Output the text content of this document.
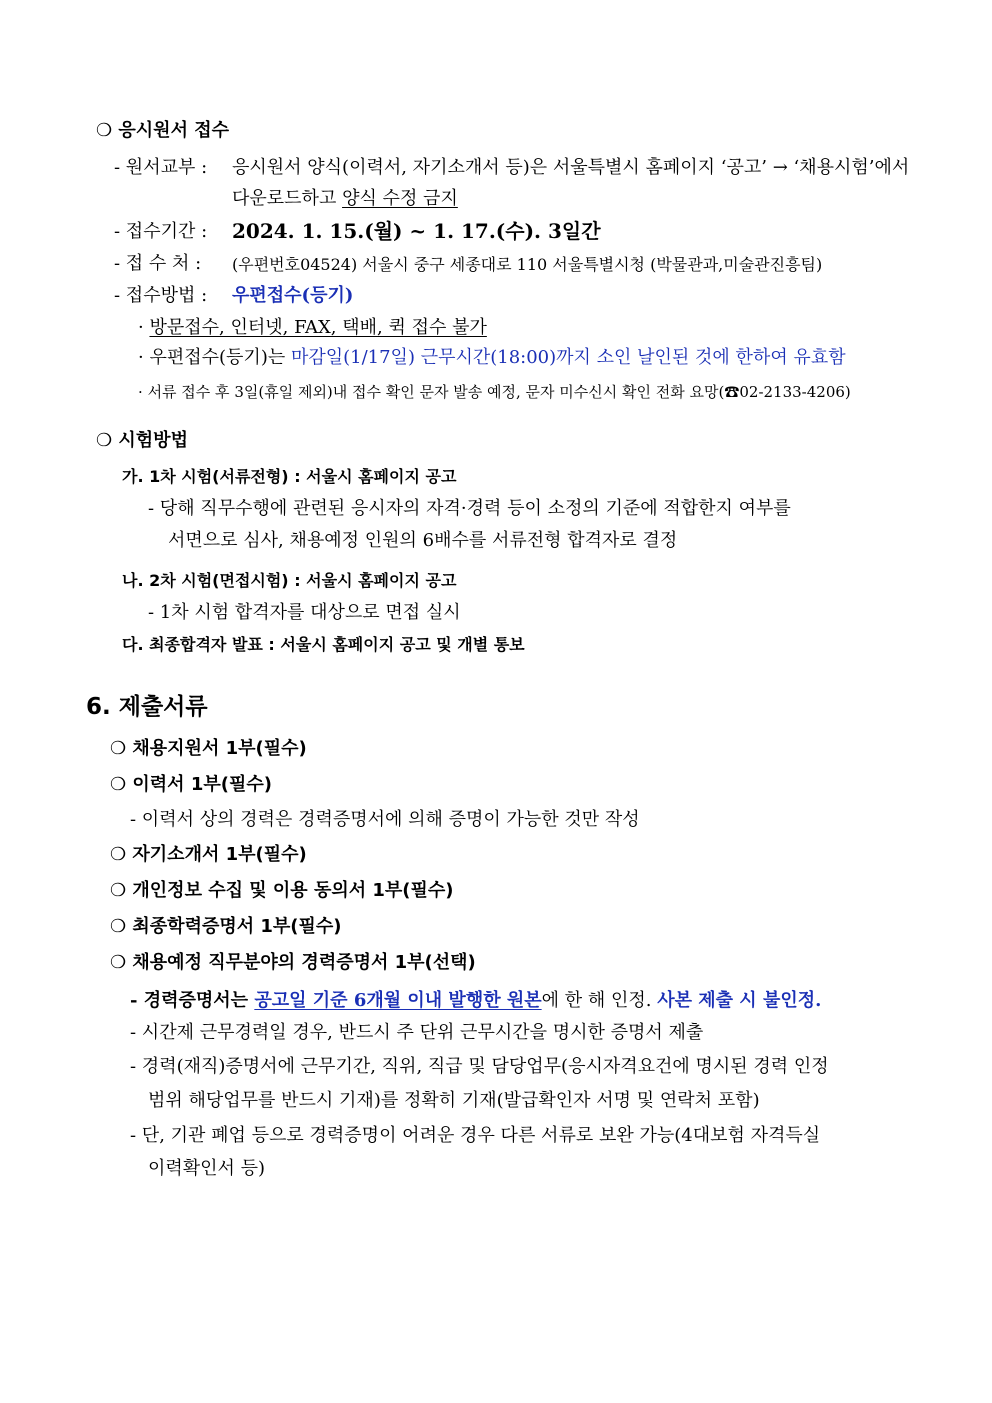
❍ 응시원서 접수
- 원서교부 : 응시원서 양식(이력서, 자기소개서 등)은 서울특별시 홈페이지 ‘공고’ → ‘채용시험’에서
다운로드하고 양식 수정 금지
- 접수기간 : 2024. 1. 15.(월) ~ 1. 17.(수). 3일간
- 접 수 처 : (우편번호04524) 서울시 중구 세종대로 110 서울특별시청 (박물관과,미술관진흥팀)
- 접수방법 : 우편접수(등기)
· 방문접수, 인터넷, FAX, 택배, 퀵 접수 불가
· 우편접수(등기)는 마감일(1/17일) 근무시간(18:00)까지 소인 날인된 것에 한하여 유효함
· 서류 접수 후 3일(휴일 제외)내 접수 확인 문자 발송 예정, 문자 미수신시 확인 전화 요망(☎02-2133-4206)
❍ 시험방법
가. 1차 시험(서류전형) : 서울시 홈페이지 공고
- 당해 직무수행에 관련된 응시자의 자격·경력 등이 소정의 기준에 적합한지 여부를
서면으로 심사, 채용예정 인원의 6배수를 서류전형 합격자로 결정
나. 2차 시험(면접시험) : 서울시 홈페이지 공고
- 1차 시험 합격자를 대상으로 면접 실시
다. 최종합격자 발표 : 서울시 홈페이지 공고 및 개별 통보
6. 제출서류
❍ 채용지원서 1부(필수)
❍ 이력서 1부(필수)
- 이력서 상의 경력은 경력증명서에 의해 증명이 가능한 것만 작성
❍ 자기소개서 1부(필수)
❍ 개인정보 수집 및 이용 동의서 1부(필수)
❍ 최종학력증명서 1부(필수)
❍ 채용예정 직무분야의 경력증명서 1부(선택)
- 경력증명서는 공고일 기준 6개월 이내 발행한 원본에 한 해 인정. 사본 제출 시 불인정.
- 시간제 근무경력일 경우, 반드시 주 단위 근무시간을 명시한 증명서 제출
- 경력(재직)증명서에 근무기간, 직위, 직급 및 담당업무(응시자격요건에 명시된 경력 인정
범위 해당업무를 반드시 기재)를 정확히 기재(발급확인자 서명 및 연락처 포함)
- 단, 기관 폐업 등으로 경력증명이 어려운 경우 다른 서류로 보완 가능(4대보험 자격득실
이력확인서 등)
